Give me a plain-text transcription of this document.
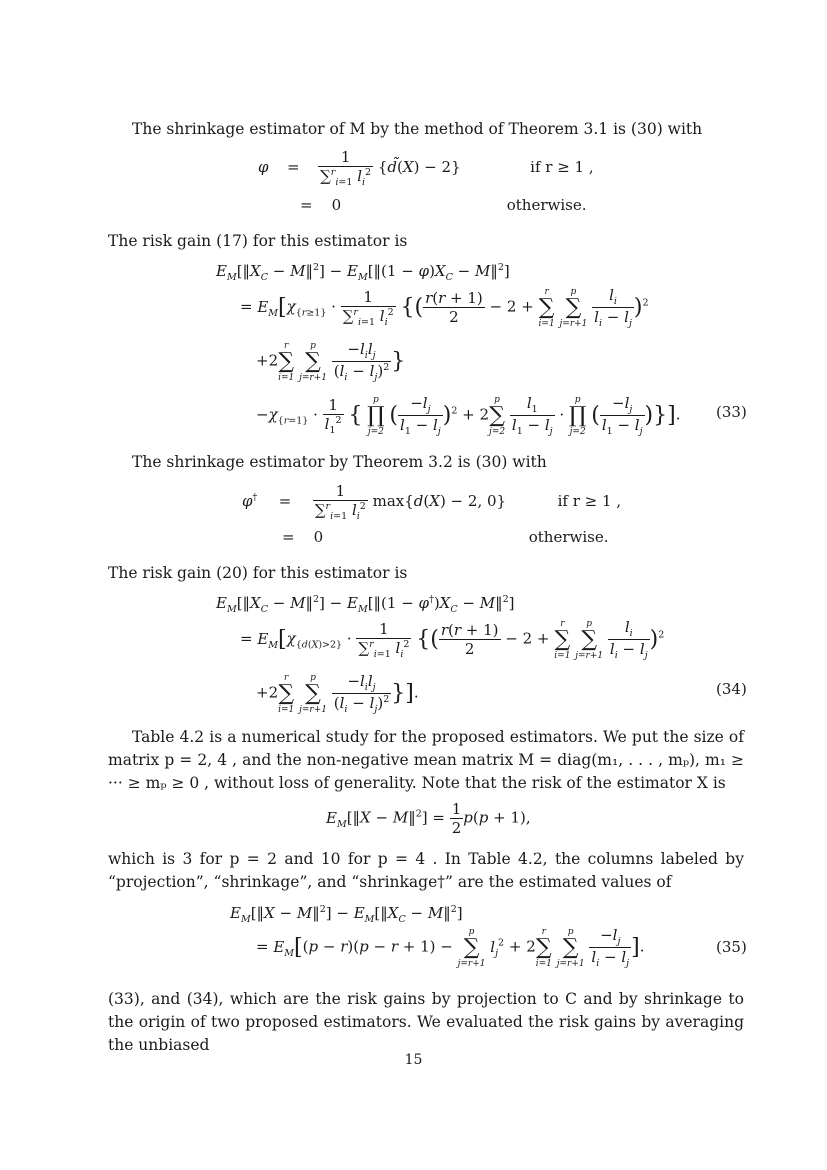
The shrinkage estimator of M by the method of Theorem 3.1 is (30) with

$\varphi = \frac{1}{\sum^r_{i=1} l_i^2}$ {d̃(X) − 2}	if r ≥ 1 ,
=    0	otherwise.

The risk gain (17) for this estimator is

$E_M[‖X_C$ − M‖$^2$] − $E_M[‖(1 - \varphi)X_C$ − M‖$^2$]
= $E_M[\chi_{\{r\ge 1\}} \cdot \frac{1}{\sum^r_{i=1} l_i^2}$ {( $\frac{r(r + 1)}{2} - 2$ +
r
∑
i=1

p
∑
j=r+1
$\frac{l_i}{l_i - l_j} )^2$
+2
r
∑
i=1

p
∑
j=r+1
$\frac{-l_il_j}{(l_i - l_j)^2}$ }
$-\chi_{\{r=1\}} \cdot \frac{1}{l_1^2}$ {
p
∏
j=2
( $\frac{-l_j}{l_1 - l_j} )^2 + 2$
p
∑
j=2
$\frac{l_1}{l_1 - l_j}$ ·
p
∏
j=2
( $\frac{-l_j}{l_1 - l_j}$ )}]. (33)

The shrinkage estimator by Theorem 3.2 is (30) with

$\varphi^\dagger = \frac{1}{\sum^r_{i=1} l_i^2} \max\{d(X) - 2$, 0}	if r ≥ 1 ,
=    0	otherwise.

The risk gain (20) for this estimator is

$E_M[‖X_C$ − M‖$^2$] − $E_M[‖(1 - \varphi^\dagger)X_C$ − M‖$^2$]
= $E_M[\chi_{\{d(X)>2\}} \cdot \frac{1}{\sum^r_{i=1} l_i^2}$ {( $\frac{r(r + 1)}{2} - 2$ +
r
∑
i=1

p
∑
j=r+1
$\frac{l_i}{l_i - l_j} )^2$
+2
r
∑
i=1

p
∑
j=r+1
$\frac{-l_il_j}{(l_i - l_j)^2}$ }].	(34)

Table 4.2 is a numerical study for the proposed estimators. We put the size of matrix p = 2, 4 , and the non-negative mean matrix M = diag(m₁, . . . , mₚ), m₁ ≥ ··· ≥ mₚ ≥ 0 , without loss of generality. Note that the risk of the estimator X is

$E_M[‖X$ − M‖$^2$] = $\frac{1}{2} p(p + 1)$,

which is 3 for p = 2 and 10 for p = 4 . In Table 4.2, the columns labeled by “projection”, “shrinkage”, and “shrinkage†” are the estimated values of

$E_M[‖X$ − M‖$^2$] − $E_M[‖X_C$ − M‖$^2$]
= $E_M[(p - r)(p - r + 1)$ −
p
∑
j=r+1
$l_j^2 + 2$
r
∑
i=1

p
∑
j=r+1
$\frac{-l_j}{l_i - l_j}$ ].	(35)

(33), and (34), which are the risk gains by projection to C and by shrinkage to the origin of two proposed estimators. We evaluated the risk gains by averaging the unbiased

15
